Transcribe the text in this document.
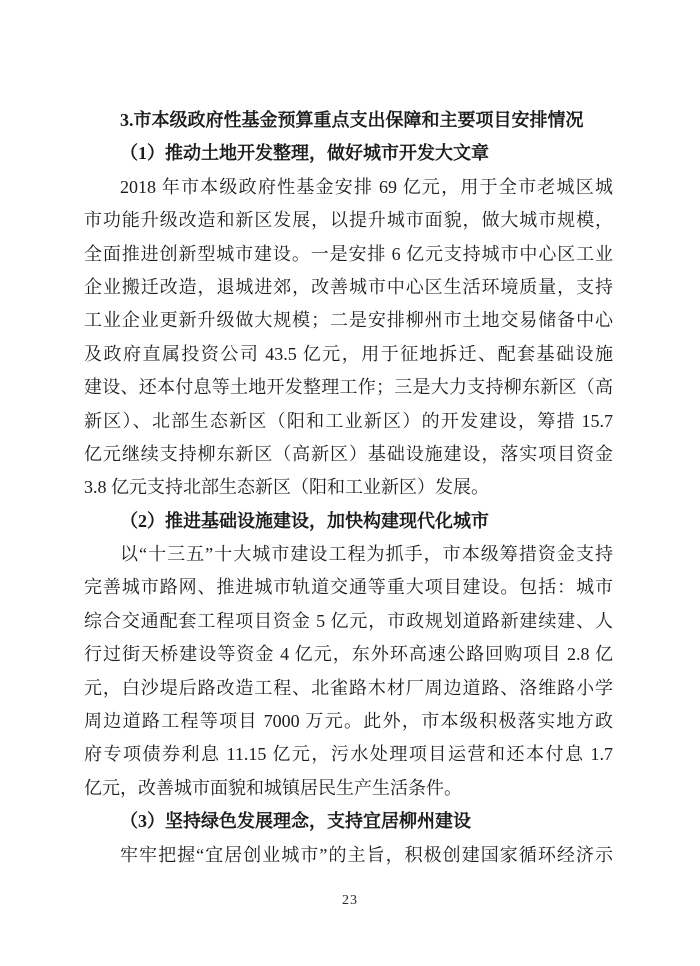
3.市本级政府性基金预算重点支出保障和主要项目安排情况
（1）推动土地开发整理，做好城市开发大文章
2018 年市本级政府性基金安排 69 亿元，用于全市老城区城
市功能升级改造和新区发展，以提升城市面貌，做大城市规模，
全面推进创新型城市建设。一是安排 6 亿元支持城市中心区工业
企业搬迁改造，退城进郊，改善城市中心区生活环境质量，支持
工业企业更新升级做大规模；二是安排柳州市土地交易储备中心
及政府直属投资公司 43.5 亿元，用于征地拆迁、配套基础设施
建设、还本付息等土地开发整理工作；三是大力支持柳东新区（高
新区）、北部生态新区（阳和工业新区）的开发建设，筹措 15.7
亿元继续支持柳东新区（高新区）基础设施建设，落实项目资金
3.8 亿元支持北部生态新区（阳和工业新区）发展。
（2）推进基础设施建设，加快构建现代化城市
以“十三五”十大城市建设工程为抓手，市本级筹措资金支持
完善城市路网、推进城市轨道交通等重大项目建设。包括：城市
综合交通配套工程项目资金 5 亿元，市政规划道路新建续建、人
行过街天桥建设等资金 4 亿元，东外环高速公路回购项目 2.8 亿
元，白沙堤后路改造工程、北雀路木材厂周边道路、洛维路小学
周边道路工程等项目 7000 万元。此外，市本级积极落实地方政
府专项债券利息 11.15 亿元，污水处理项目运营和还本付息 1.7
亿元，改善城市面貌和城镇居民生产生活条件。
（3）坚持绿色发展理念，支持宜居柳州建设
牢牢把握“宜居创业城市”的主旨，积极创建国家循环经济示
23
